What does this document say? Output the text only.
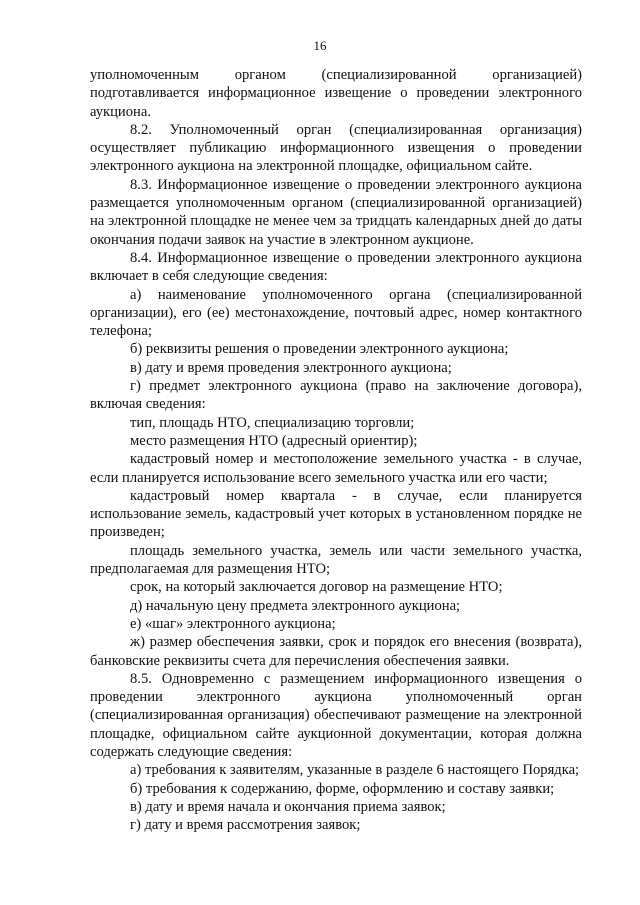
16

уполномоченным органом (специализированной организацией) подготавливается информационное извещение о проведении электронного аукциона.

8.2. Уполномоченный орган (специализированная организация) осуществляет публикацию информационного извещения о проведении электронного аукциона на электронной площадке, официальном сайте.

8.3. Информационное извещение о проведении электронного аукциона размещается уполномоченным органом (специализированной организацией) на электронной площадке не менее чем за тридцать календарных дней до даты окончания подачи заявок на участие в электронном аукционе.

8.4. Информационное извещение о проведении электронного аукциона включает в себя следующие сведения:

а) наименование уполномоченного органа (специализированной организации), его (ее) местонахождение, почтовый адрес, номер контактного телефона;

б) реквизиты решения о проведении электронного аукциона;

в) дату и время проведения электронного аукциона;

г) предмет электронного аукциона (право на заключение договора), включая сведения:

тип, площадь НТО, специализацию торговли;

место размещения НТО (адресный ориентир);

кадастровый номер и местоположение земельного участка - в случае, если планируется использование всего земельного участка или его части;

кадастровый номер квартала - в случае, если планируется использование земель, кадастровый учет которых в установленном порядке не произведен;

площадь земельного участка, земель или части земельного участка, предполагаемая для размещения НТО;

срок, на который заключается договор на размещение НТО;

д) начальную цену предмета электронного аукциона;

е) «шаг» электронного аукциона;

ж) размер обеспечения заявки, срок и порядок его внесения (возврата), банковские реквизиты счета для перечисления обеспечения заявки.

8.5. Одновременно с размещением информационного извещения о проведении электронного аукциона уполномоченный орган (специализированная организация) обеспечивают размещение на электронной площадке, официальном сайте аукционной документации, которая должна содержать следующие сведения:

а) требования к заявителям, указанные в разделе 6 настоящего Порядка;

б) требования к содержанию, форме, оформлению и составу заявки;

в) дату и время начала и окончания приема заявок;

г) дату и время рассмотрения заявок;
